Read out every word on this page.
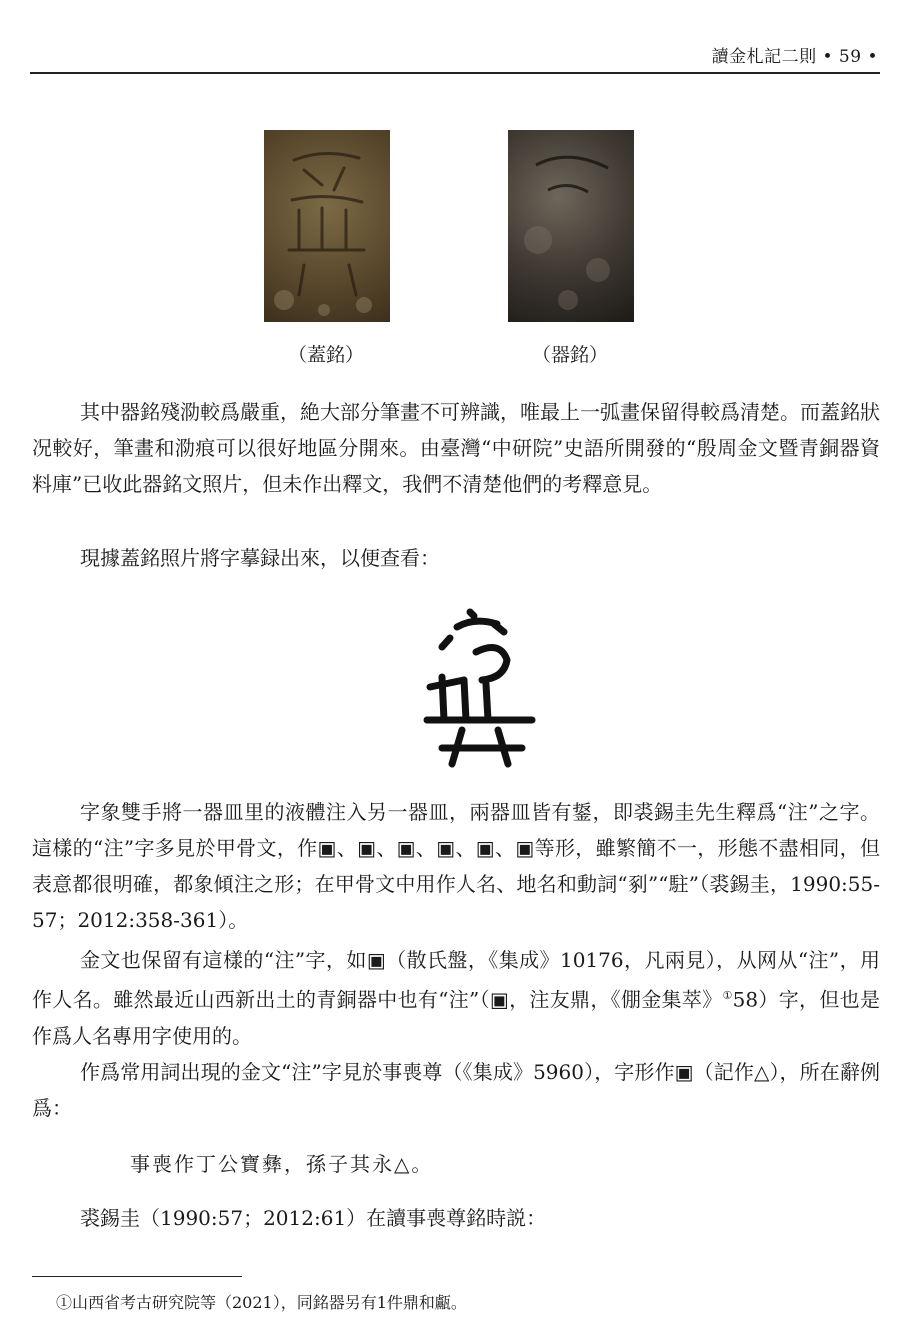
讀金札記二則 • 59 •
（蓋銘）	（器銘）

其中器銘殘泐較爲嚴重，絶大部分筆畫不可辨識，唯最上一弧畫保留得較爲清楚。而蓋銘狀况較好，筆畫和泐痕可以很好地區分開來。由臺灣“中研院”史語所開發的“殷周金文暨青銅器資料庫”已收此器銘文照片，但未作出釋文，我們不清楚他們的考釋意見。

現據蓋銘照片將字摹録出來，以便查看：

字象雙手將一器皿里的液體注入另一器皿，兩器皿皆有鋬，即裘錫圭先生釋爲“注”之字。這樣的“注”字多見於甲骨文，作▣、▣、▣、▣、▣、▣等形，雖繁簡不一，形態不盡相同，但表意都很明確，都象傾注之形；在甲骨文中用作人名、地名和動詞“剢”“駐”（裘錫圭，1990:55-57；2012:358-361）。

金文也保留有這樣的“注”字，如▣（散氏盤，《集成》10176，凡兩見），从网从“注”，用作人名。雖然最近山西新出土的青銅器中也有“注”（▣，注友鼎，《倗金集萃》①58）字，但也是作爲人名專用字使用的。

作爲常用詞出現的金文“注”字見於事喪尊（《集成》5960），字形作▣（記作△），所在辭例爲：

事喪作丁公寶彝，孫子其永△。

裘錫圭（1990:57；2012:61）在讀事喪尊銘時説：

①山西省考古研究院等（2021），同銘器另有1件鼎和甗。
